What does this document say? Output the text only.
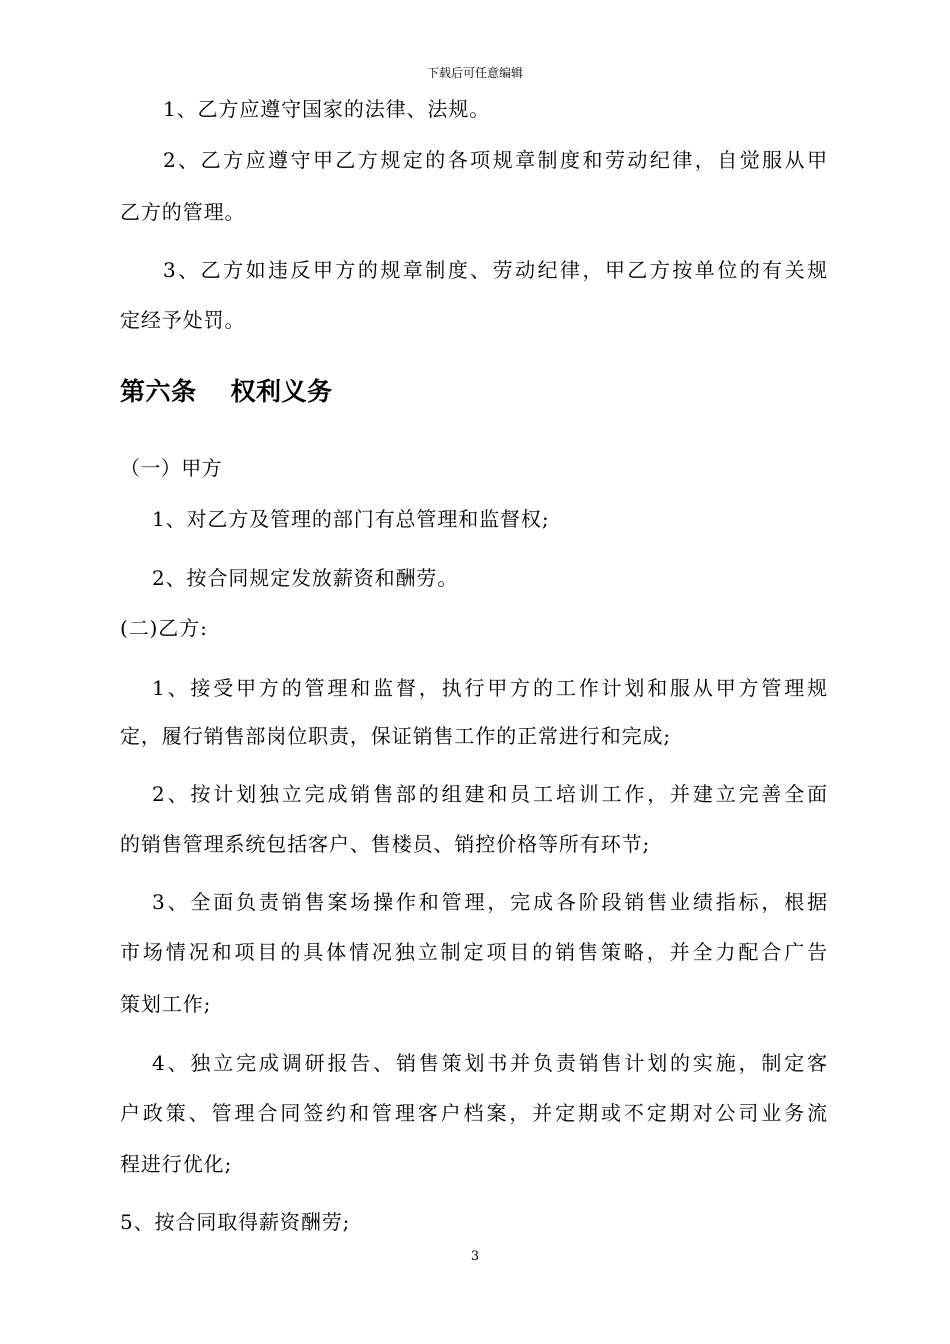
下载后可任意编辑
1、乙方应遵守国家的法律、法规。
2、乙方应遵守甲乙方规定的各项规章制度和劳动纪律，自觉服从甲
乙方的管理。
3、乙方如违反甲方的规章制度、劳动纪律，甲乙方按单位的有关规
定经予处罚。
第六条 权利义务
（一）甲方
1、对乙方及管理的部门有总管理和监督权;
2、按合同规定发放薪资和酬劳。
(二)乙方:
1、接受甲方的管理和监督，执行甲方的工作计划和服从甲方管理规
定，履行销售部岗位职责，保证销售工作的正常进行和完成;
2、按计划独立完成销售部的组建和员工培训工作，并建立完善全面
的销售管理系统包括客户、售楼员、销控价格等所有环节;
3、全面负责销售案场操作和管理，完成各阶段销售业绩指标，根据
市场情况和项目的具体情况独立制定项目的销售策略，并全力配合广告
策划工作;
4、独立完成调研报告、销售策划书并负责销售计划的实施，制定客
户政策、管理合同签约和管理客户档案，并定期或不定期对公司业务流
程进行优化;
5、按合同取得薪资酬劳;
3
